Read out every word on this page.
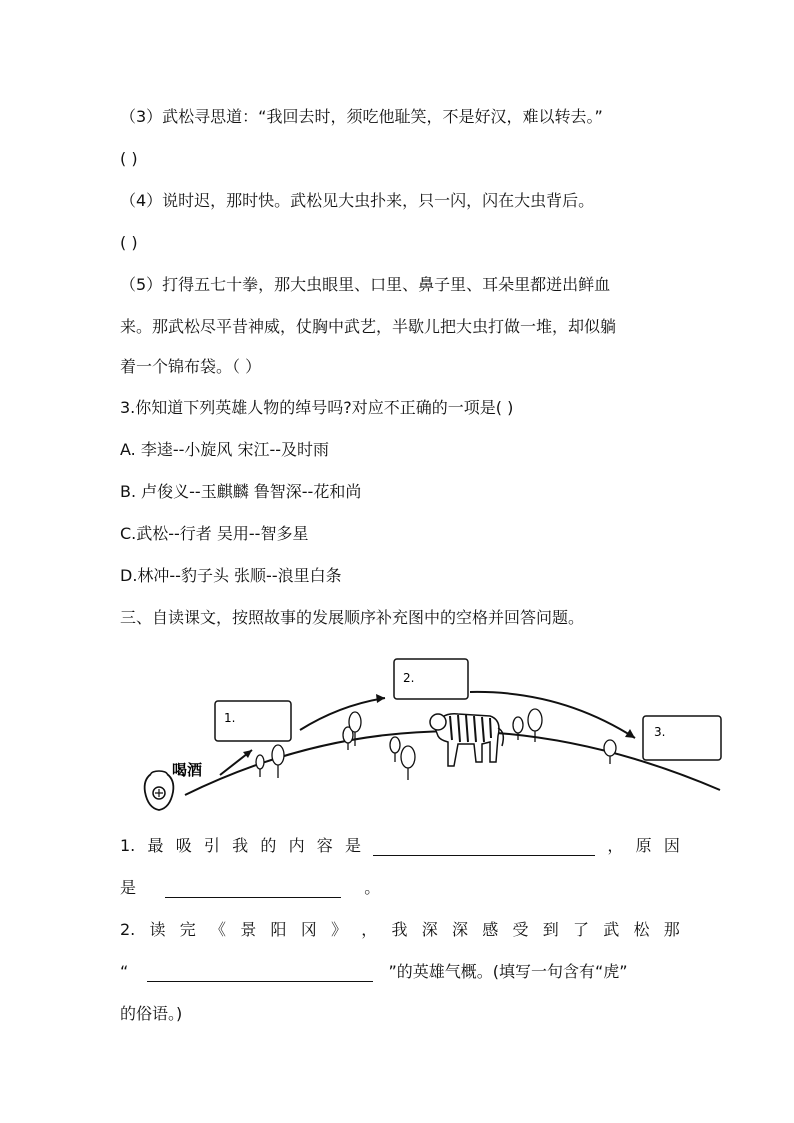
（3）武松寻思道：“我回去时，须吃他耻笑，不是好汉，难以转去。”
( )
（4）说时迟，那时快。武松见大虫扑来，只一闪，闪在大虫背后。
( )
（5）打得五七十拳，那大虫眼里、口里、鼻子里、耳朵里都迸出鲜血
来。那武松尽平昔神威，仗胸中武艺，半歇儿把大虫打做一堆，却似躺
着一个锦布袋。（ ）
3.你知道下列英雄人物的绰号吗?对应不正确的一项是( )
A. 李逵--小旋风 宋江--及时雨
B. 卢俊义--玉麒麟 鲁智深--花和尚
C.武松--行者 吴用--智多星
D.林冲--豹子头 张顺--浪里白条
三、自读课文，按照故事的发展顺序补充图中的空格并回答问题。
1.
2.
3.
喝酒
1. 最 吸 引 我 的 内 容 是	， 原 因
是	。
2. 读 完 《 景 阳 冈 》 ， 我 深 深 感 受 到 了 武 松 那
“	”的英雄气概。(填写一句含有“虎”
的俗语。)
